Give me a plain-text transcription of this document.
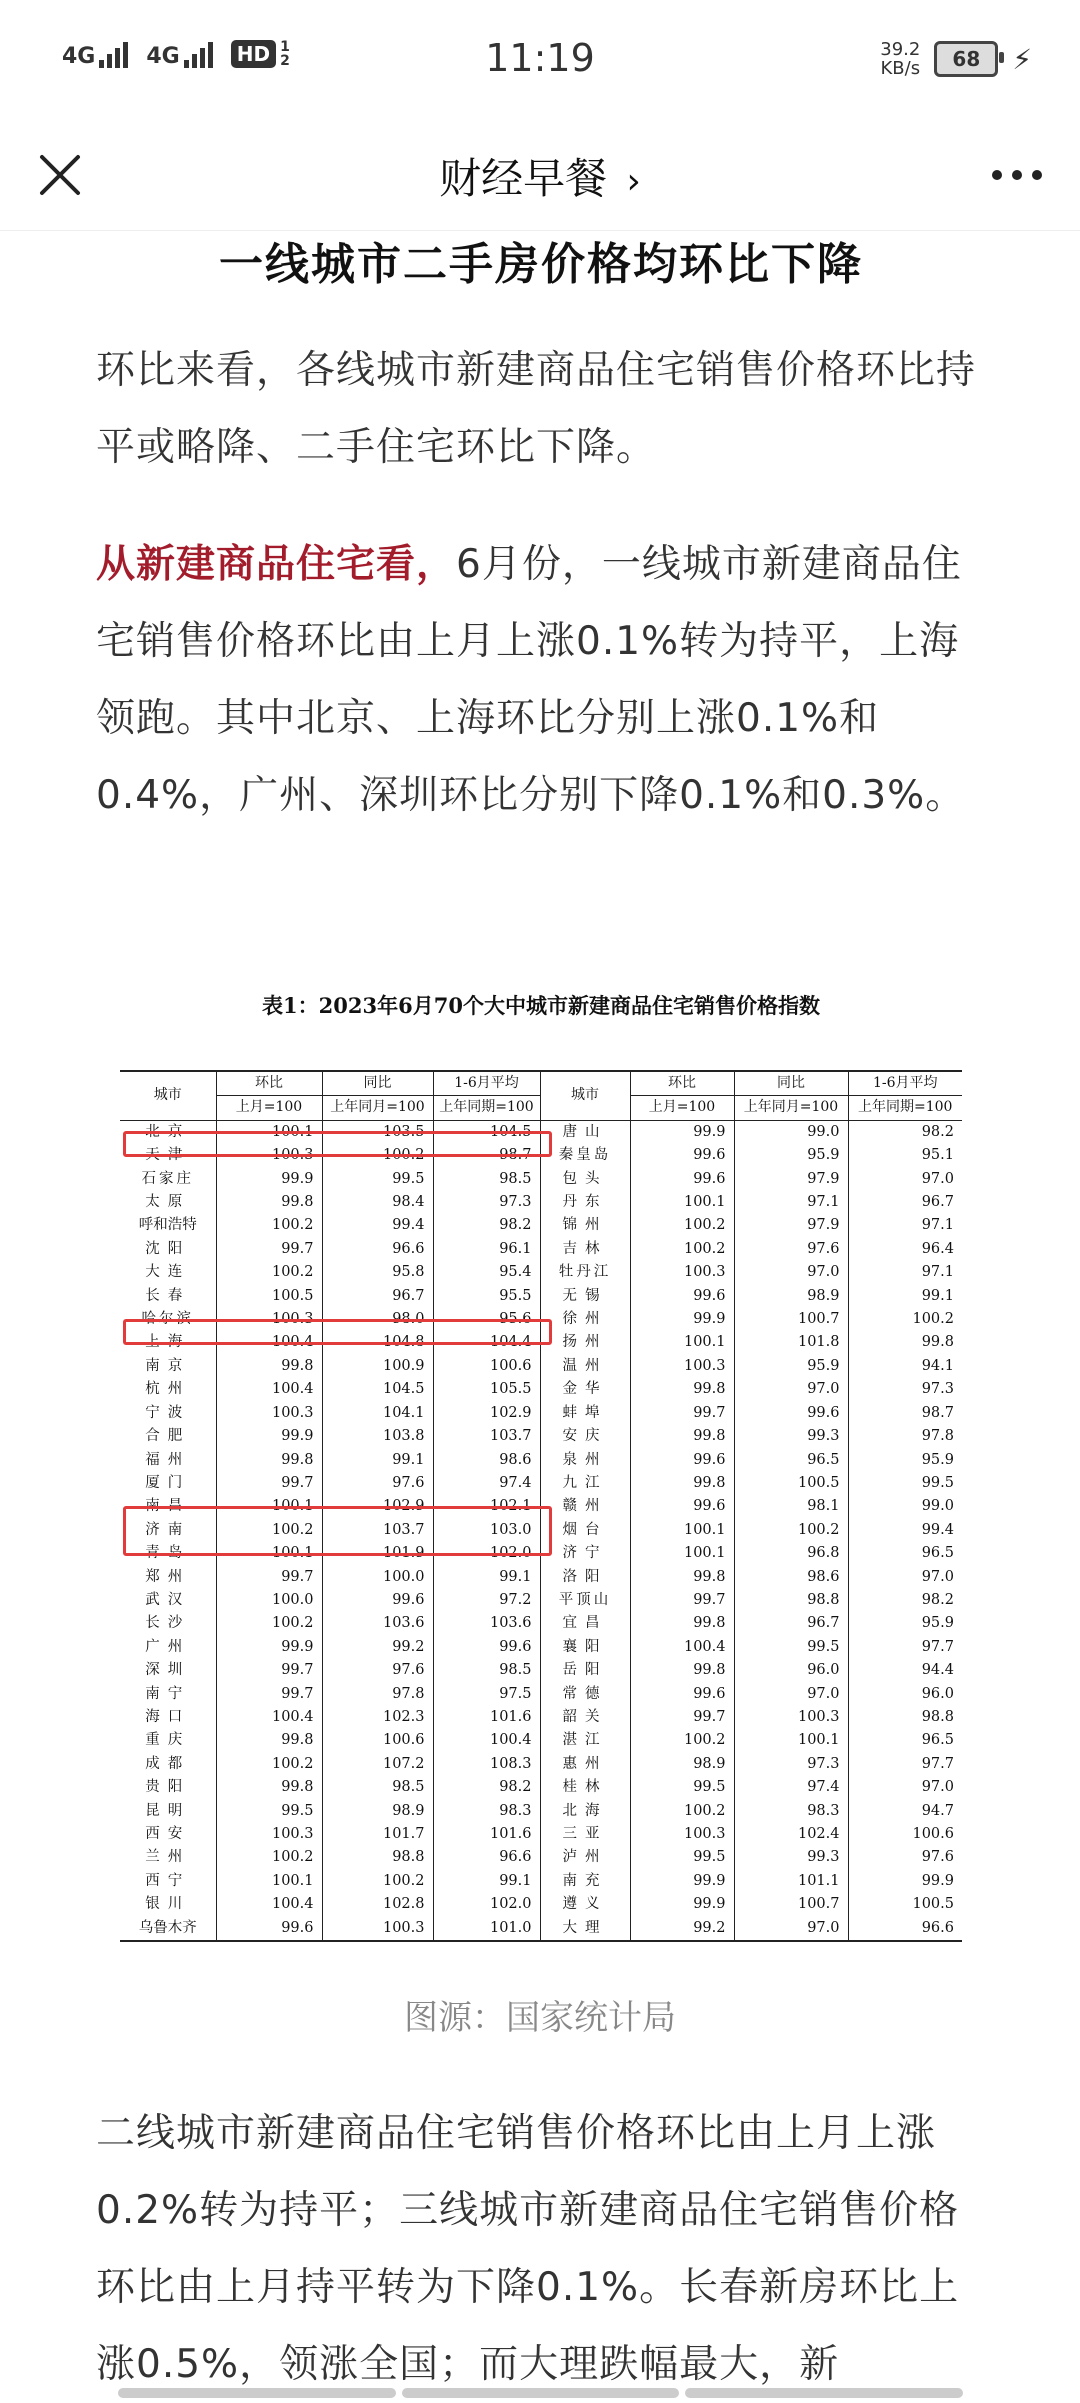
4G 4G	HD 1 2	11:19	39.2
KB/s 68 ⚡
财经早餐 ›
一线城市二手房价格均环比下降

环比来看，各线城市新建商品住宅销售价格环比持平或略降、二手住宅环比下降。

从新建商品住宅看，6月份，一线城市新建商品住宅销售价格环比由上月上涨0.1%转为持平，上海领跑。其中北京、上海环比分别上涨0.1%和0.4%，广州、深圳环比分别下降0.1%和0.3%。

表1：2023年6月70个大中城市新建商品住宅销售价格指数
城市	环比	同比	1-6月平均	城市	环比	同比	1-6月平均
	上月=100	上年同月=100	上年同期=100		上月=100	上年同月=100	上年同期=100
北京	100.1	103.5	104.5	唐山	99.9	99.0	98.2
天津	100.3	100.2	98.7	秦皇岛	99.6	95.9	95.1
石家庄	99.9	99.5	98.5	包头	99.6	97.9	97.0
太原	99.8	98.4	97.3	丹东	100.1	97.1	96.7
呼和浩特	100.2	99.4	98.2	锦州	100.2	97.9	97.1
沈阳	99.7	96.6	96.1	吉林	100.2	97.6	96.4
大连	100.2	95.8	95.4	牡丹江	100.3	97.0	97.1
长春	100.5	96.7	95.5	无锡	99.6	98.9	99.1
哈尔滨	100.3	98.0	95.6	徐州	99.9	100.7	100.2
上海	100.4	104.8	104.4	扬州	100.1	101.8	99.8
南京	99.8	100.9	100.6	温州	100.3	95.9	94.1
杭州	100.4	104.5	105.5	金华	99.8	97.0	97.3
宁波	100.3	104.1	102.9	蚌埠	99.7	99.6	98.7
合肥	99.9	103.8	103.7	安庆	99.8	99.3	97.8
福州	99.8	99.1	98.6	泉州	99.6	96.5	95.9
厦门	99.7	97.6	97.4	九江	99.8	100.5	99.5
南昌	100.1	102.9	102.1	赣州	99.6	98.1	99.0
济南	100.2	103.7	103.0	烟台	100.1	100.2	99.4
青岛	100.1	101.9	102.0	济宁	100.1	96.8	96.5
郑州	99.7	100.0	99.1	洛阳	99.8	98.6	97.0
武汉	100.0	99.6	97.2	平顶山	99.7	98.8	98.2
长沙	100.2	103.6	103.6	宜昌	99.8	96.7	95.9
广州	99.9	99.2	99.6	襄阳	100.4	99.5	97.7
深圳	99.7	97.6	98.5	岳阳	99.8	96.0	94.4
南宁	99.7	97.8	97.5	常德	99.6	97.0	96.0
海口	100.4	102.3	101.6	韶关	99.7	100.3	98.8
重庆	99.8	100.6	100.4	湛江	100.2	100.1	96.5
成都	100.2	107.2	108.3	惠州	98.9	97.3	97.7
贵阳	99.8	98.5	98.2	桂林	99.5	97.4	97.0
昆明	99.5	98.9	98.3	北海	100.2	98.3	94.7
西安	100.3	101.7	101.6	三亚	100.3	102.4	100.6
兰州	100.2	98.8	96.6	泸州	99.5	99.3	97.6
西宁	100.1	100.2	99.1	南充	99.9	101.1	99.9
银川	100.4	102.8	102.0	遵义	99.9	100.7	100.5
乌鲁木齐	99.6	100.3	101.0	大理	99.2	97.0	96.6
图源：国家统计局

二线城市新建商品住宅销售价格环比由上月上涨0.2%转为持平；三线城市新建商品住宅销售价格环比由上月持平转为下降0.1%。长春新房环比上涨0.5%，领涨全国；而大理跌幅最大，新
